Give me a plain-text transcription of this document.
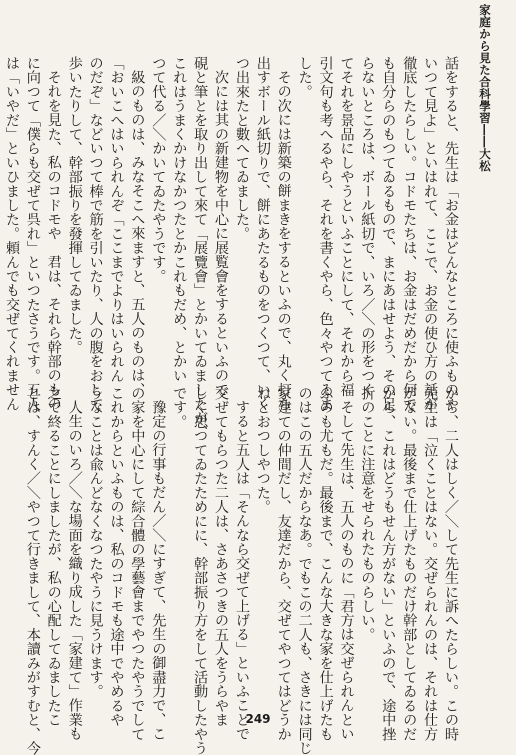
家庭から見た合科學習――大松
話をすると、先生は「お金はどんなところに使ふものや
いつて見よ」といはれて、ここで、お金の使ひ方の話が
徹底したらしい。コドモたちは、お金はだめだから何で
も自分らのもつてゐるもので、まにあはせよう、その足
らないところは、ボール紙切で、いろ／＼の形をつく
てそれを景品にしやうといふことにして、それから福
引文句も考へるやら、それを書くやら、色々やつてゐま
した。
その次には新築の餅まきをするといふので、丸く打ち
出すボール紙切りで、餅にあたるものをつくつて、いく
つ出來たと數へてゐました。
次には其の新建物を中心に展覧會をするといふので
硯と筆とを取り出して來て「展覽會」とかいてゐましたが、
これはうまくかけなかつたとかこれもだめ、とかい
つて代る／＼かいてゐたやうです。
級のものは、みなそこへ來ますと、五人のものは、
「おいこへはいられんぞ「ここまでよりはいられん
のだぞ」などいつて棒で筋を引いたり、人の腹をおして
歩いたりして、幹部振りを發揮してゐました。
それを見た、私のコドモや　君は、それら幹部のもの
に向つて「僕らも交ぜて呉れ」といつたさうです。五人
は「いやだ」といひました。頼んでも交ぜてくれません
から、二人はしく／＼して先生に訴へたらしい。この時
先生は「泣くことはない。交ぜられんのは、それは仕方
がない。最後まで仕上げたものだけ幹部としてゐるのだ
から、これはどうもせん方がない」といふので、途中挫
折のことに注意をせられたものらしい。
そして先生は、五人のものに「君方は交ぜられんとい
ふのも尤もだ。最後まで、こんな大きな家を仕上げたも
のはこの五人だからなあ。でもこの二人も、さきには同じ
家建ての仲間だし、友達だから、交ぜてやつてはどうか
ねとおつしやつた。
すると五人は「そんなら交ぜて上げる」といふことで
交ぜてもらつた二人は、さあさつきの五人をうらやま
しく思つてゐたためにに、幹部振り方をして活動したやう
です。
豫定の行事もだん／＼にすぎて、先生の御盡力で、こ
の家を中心にして綜合體の學藝會までやつたやうでして
これからといふものは、私のコドモも途中でやめるや
うなことは兪んどなくなつたやうに見うけます。
人生のいろ／＼な場面を織り成した「家建て」作業も
之で終ることにしましたが、私の心配してゐましたこ
とは、すんく／＼やつて行きまして、本讀みがすむと、今	249
